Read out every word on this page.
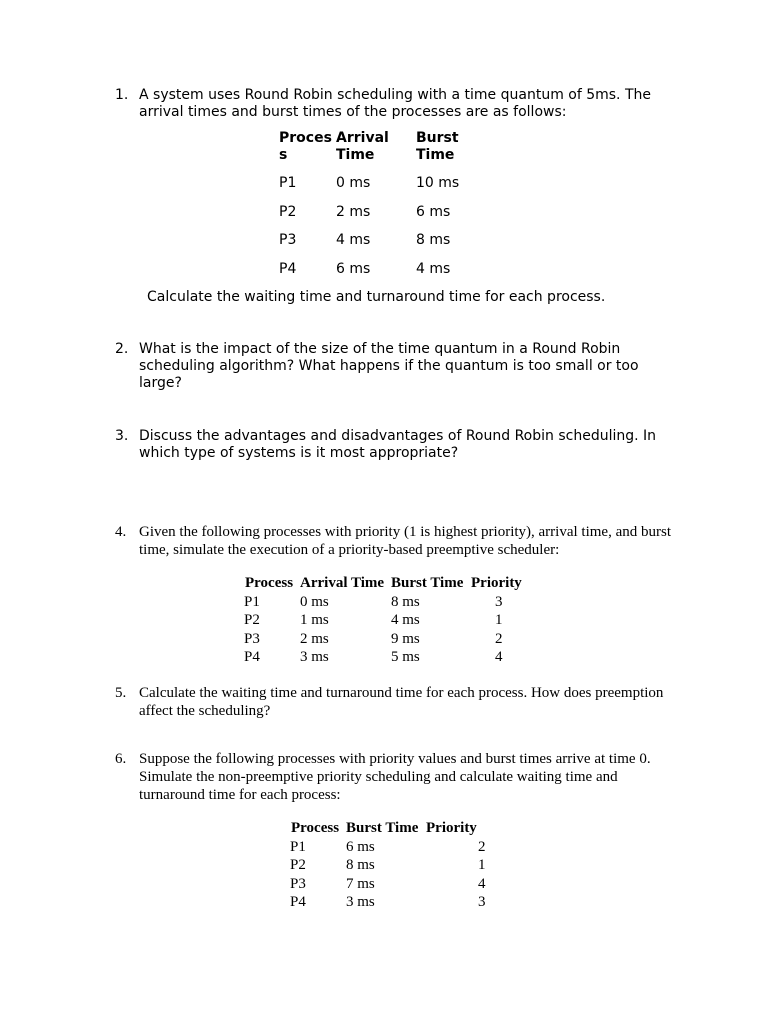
1. A system uses Round Robin scheduling with a time quantum of 5ms. The arrival times and burst times of the processes are as follows:
Proces s	Arrival Time	Burst Time
P1	0 ms	10 ms
P2	2 ms	6 ms
P3	4 ms	8 ms
P4	6 ms	4 ms
Calculate the waiting time and turnaround time for each process.
2. What is the impact of the size of the time quantum in a Round Robin scheduling algorithm? What happens if the quantum is too small or too large?
3. Discuss the advantages and disadvantages of Round Robin scheduling. In which type of systems is it most appropriate?
4. Given the following processes with priority (1 is highest priority), arrival time, and burst time, simulate the execution of a priority-based preemptive scheduler:
Process	Arrival Time	Burst Time	Priority
P1	0 ms	8 ms	3
P2	1 ms	4 ms	1
P3	2 ms	9 ms	2
P4	3 ms	5 ms	4
5. Calculate the waiting time and turnaround time for each process. How does preemption affect the scheduling?
6. Suppose the following processes with priority values and burst times arrive at time 0. Simulate the non-preemptive priority scheduling and calculate waiting time and turnaround time for each process:
Process	Burst Time	Priority
P1	6 ms	2
P2	8 ms	1
P3	7 ms	4
P4	3 ms	3
